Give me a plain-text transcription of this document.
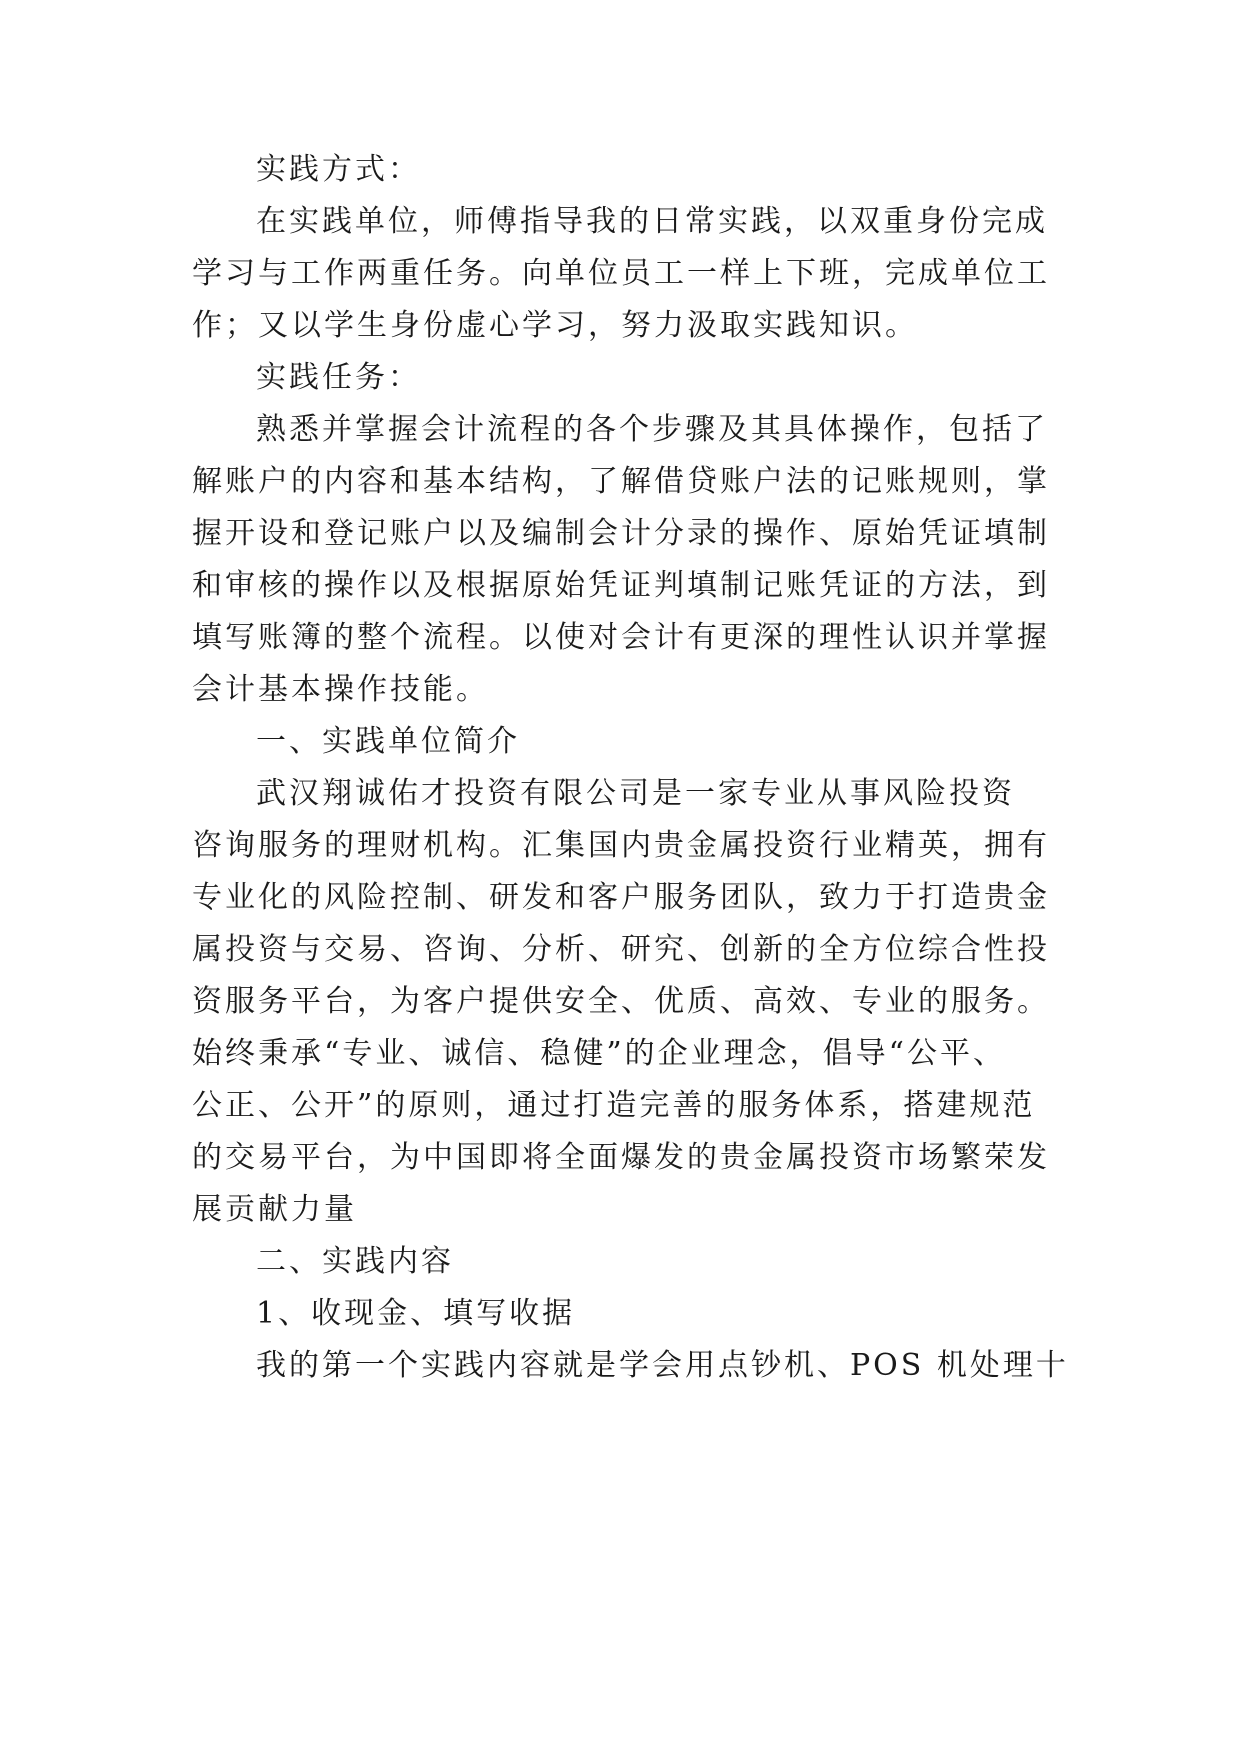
实践方式：
在实践单位，师傅指导我的日常实践，以双重身份完成
学习与工作两重任务。向单位员工一样上下班，完成单位工
作；又以学生身份虚心学习，努力汲取实践知识。
实践任务：
熟悉并掌握会计流程的各个步骤及其具体操作，包括了
解账户的内容和基本结构，了解借贷账户法的记账规则，掌
握开设和登记账户以及编制会计分录的操作、原始凭证填制
和审核的操作以及根据原始凭证判填制记账凭证的方法，到
填写账簿的整个流程。以使对会计有更深的理性认识并掌握
会计基本操作技能。
一、实践单位简介
武汉翔诚佑才投资有限公司是一家专业从事风险投资
咨询服务的理财机构。汇集国内贵金属投资行业精英，拥有
专业化的风险控制、研发和客户服务团队，致力于打造贵金
属投资与交易、咨询、分析、研究、创新的全方位综合性投
资服务平台，为客户提供安全、优质、高效、专业的服务。
始终秉承“专业、诚信、稳健”的企业理念，倡导“公平、
公正、公开”的原则，通过打造完善的服务体系，搭建规范
的交易平台，为中国即将全面爆发的贵金属投资市场繁荣发
展贡献力量
二、实践内容
1、收现金、填写收据
我的第一个实践内容就是学会用点钞机、POS 机处理十
